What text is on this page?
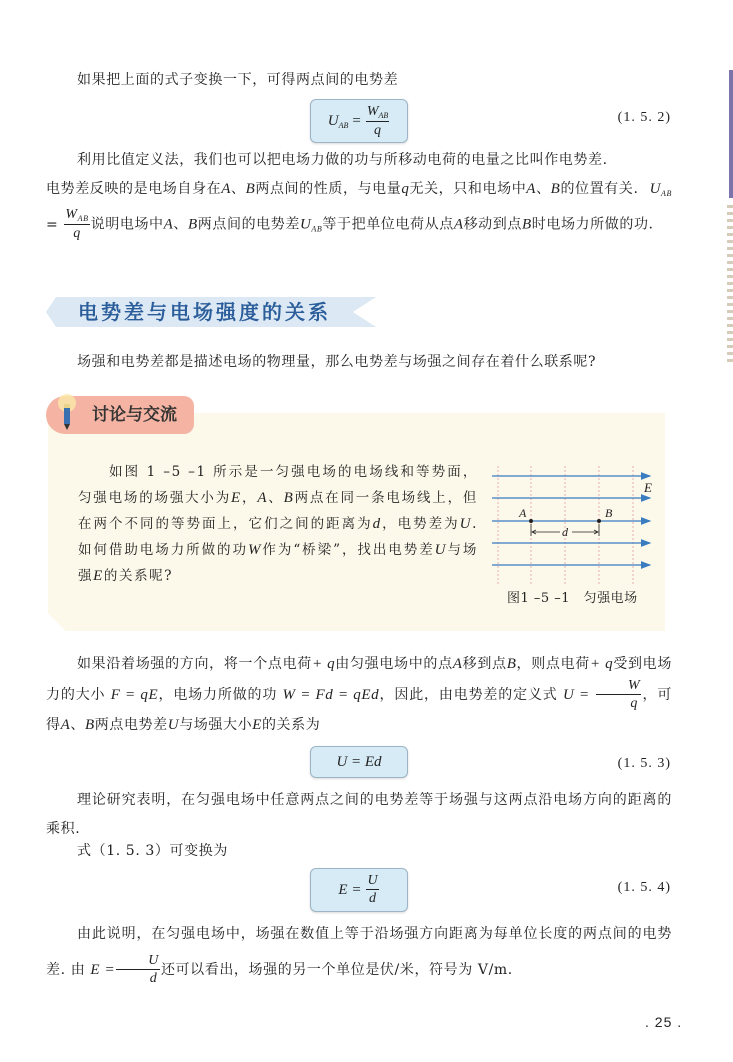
如果把上面的式子变换一下，可得两点间的电势差

$U_{AB} = \frac{W_{AB}}{q}$	(1. 5. 2)
利用比值定义法，我们也可以把电场力做的功与所移动电荷的电量之比叫作电势差.
电势差反映的是电场自身在A、B两点间的性质，与电量q无关，只和电场中A、B的位置有关. $U_{AB} = \frac{W_{AB}}{q}$ 说明电场中A、B两点间的电势差$U_{AB}$等于把单位电荷从点A移动到点B时电场力所做的功.
电势差与电场强度的关系

场强和电势差都是描述电场的物理量，那么电势差与场强之间存在着什么联系呢?

讨论与交流

如图 1 –5 –1 所示是一匀强电场的电场线和等势面，匀强电场的场强大小为E，A、B两点在同一条电场线上，但在两个不同的等势面上，它们之间的距离为d，电势差为U. 如何借助电场力所做的功W作为“桥梁”，找出电势差U与场强E的关系呢?

E
A	B
d
图1 –5 –1　匀强电场
如果沿着场强的方向，将一个点电荷+ q由匀强电场中的点A移到点B，则点电荷+ q受到电场力的大小 F = qE，电场力所做的功 W = Fd = qEd，因此，由电势差的定义式 $U = \frac{W}{q}$ ，可得A、B两点电势差U与场强大小E的关系为
U = Ed	(1. 5. 3)

理论研究表明，在匀强电场中任意两点之间的电势差等于场强与这两点沿电场方向的距离的乘积.

式（1. 5. 3）可变换为

$E = \frac{U}{d}$	(1. 5. 4)
由此说明，在匀强电场中，场强在数值上等于沿场强方向距离为每单位长度的两点间的电势差. 由 $E = \frac{U}{d}$ 还可以看出，场强的另一个单位是伏/米，符号为 V/m.
. 25 .
